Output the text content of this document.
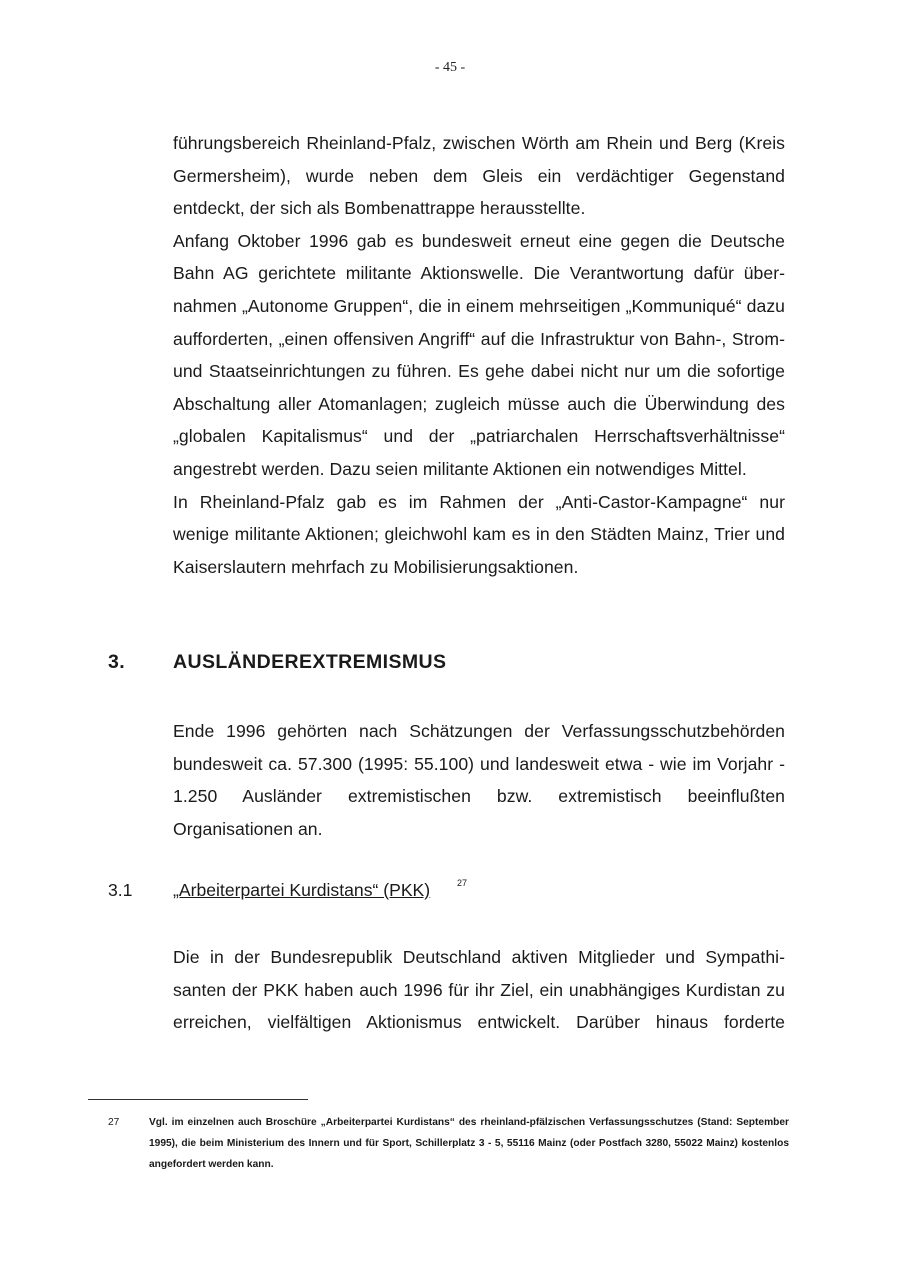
- 45 -

führungsbereich Rheinland-Pfalz, zwischen Wörth am Rhein und Berg (Kreis Germersheim), wurde neben dem Gleis ein verdächtiger Gegenstand entdeckt, der sich als Bombenattrappe herausstellte.

Anfang Oktober 1996 gab es bundesweit erneut eine gegen die Deutsche Bahn AG gerichtete militante Aktionswelle. Die Verantwortung dafür übernahmen „Autonome Gruppen“, die in einem mehrseitigen „Kommuniqué“ dazu aufforderten, „einen offensiven Angriff“ auf die Infrastruktur von Bahn-, Strom- und Staatseinrichtungen zu führen. Es gehe dabei nicht nur um die sofortige Abschaltung aller Atomanlagen; zugleich müsse auch die Überwindung des „globalen Kapitalismus“ und der „patriarchalen Herrschaftsverhältnisse“ angestrebt werden. Dazu seien militante Aktionen ein notwendiges Mittel.

In Rheinland-Pfalz gab es im Rahmen der „Anti-Castor-Kampagne“ nur wenige militante Aktionen; gleichwohl kam es in den Städten Mainz, Trier und Kaiserslautern mehrfach zu Mobilisierungsaktionen.

3. AUSLÄNDEREXTREMISMUS

Ende 1996 gehörten nach Schätzungen der Verfassungsschutzbehörden bundesweit ca. 57.300 (1995: 55.100) und landesweit etwa - wie im Vorjahr - 1.250 Ausländer extremistischen bzw. extremistisch beeinflußten Organisationen an.

3.1 „Arbeiterpartei Kurdistans“ (PKK)	27

Die in der Bundesrepublik Deutschland aktiven Mitglieder und Sympathisanten der PKK haben auch 1996 für ihr Ziel, ein unabhängiges Kurdistan zu erreichen, vielfältigen Aktionismus entwickelt. Darüber hinaus forderte

27	Vgl. im einzelnen auch Broschüre „Arbeiterpartei Kurdistans“ des rheinland-pfälzischen Verfassungsschutzes (Stand: September 1995), die beim Ministerium des Innern und für Sport, Schillerplatz 3 - 5, 55116 Mainz (oder Postfach 3280, 55022 Mainz) kostenlos angefordert werden kann.
